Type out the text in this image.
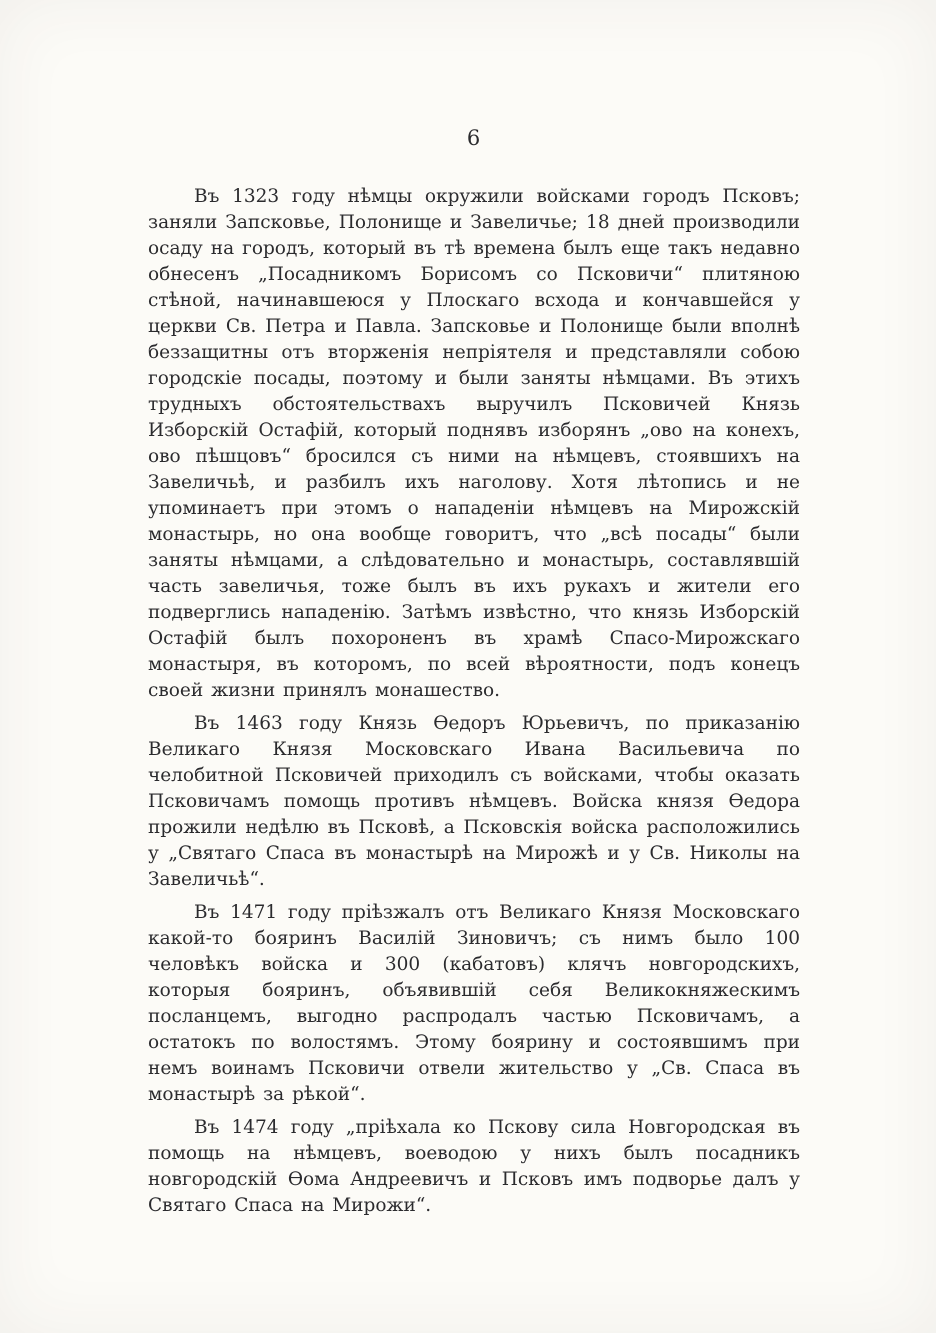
6

Въ 1323 году нѣмцы окружили войсками городъ Псковъ; заняли Запсковье, Полонище и Завеличье; 18 дней производили осаду на городъ, который въ тѣ времена былъ еще такъ недавно обнесенъ „Посадникомъ Борисомъ со Псковичи“ плитяною стѣной, начинавшеюся у Плоскаго всхода и кончавшейся у церкви Св. Петра и Павла. Запсковье и Полонище были вполнѣ беззащитны отъ вторженія непріятеля и представляли собою городскіе посады, поэтому и были заняты нѣмцами. Въ этихъ трудныхъ обстоятельствахъ выручилъ Псковичей Князь Изборскій Остафій, который поднявъ изборянъ „ово на конехъ, ово пѣшцовъ“ бросился съ ними на нѣмцевъ, стоявшихъ на Завеличьѣ, и разбилъ ихъ наголову. Хотя лѣтопись и не упоминаетъ при этомъ о нападеніи нѣмцевъ на Мирожскій монастырь, но она вообще говоритъ, что „всѣ посады“ были заняты нѣмцами, а слѣдовательно и монастырь, составлявшій часть завеличья, тоже былъ въ ихъ рукахъ и жители его подверглись нападенію. Затѣмъ извѣстно, что князь Изборскій Остафій былъ похороненъ въ храмѣ Спасо-Мирожскаго монастыря, въ которомъ, по всей вѣроятности, подъ конецъ своей жизни принялъ монашество.

Въ 1463 году Князь Ѳедоръ Юрьевичъ, по приказанію Великаго Князя Московскаго Ивана Васильевича по челобитной Псковичей приходилъ съ войсками, чтобы оказать Псковичамъ помощь противъ нѣмцевъ. Войска князя Ѳедора прожили недѣлю въ Псковѣ, а Псковскія войска расположились у „Святаго Спаса въ монастырѣ на Мирожѣ и у Св. Николы на Завеличьѣ“.

Въ 1471 году пріѣзжалъ отъ Великаго Князя Московскаго какой-то бояринъ Василій Зиновичъ; съ нимъ было 100 человѣкъ войска и 300 (кабатовъ) клячъ новгородскихъ, которыя бояринъ, объявившій себя Великокняжескимъ посланцемъ, выгодно распродалъ частью Псковичамъ, а остатокъ по волостямъ. Этому боярину и состоявшимъ при немъ воинамъ Псковичи отвели жительство у „Св. Спаса въ монастырѣ за рѣкой“.

Въ 1474 году „пріѣхала ко Пскову сила Новгородская въ помощь на нѣмцевъ, воеводою у нихъ былъ посадникъ новгородскій Ѳома Андреевичъ и Псковъ имъ подворье далъ у Святаго Спаса на Мирожи“.
